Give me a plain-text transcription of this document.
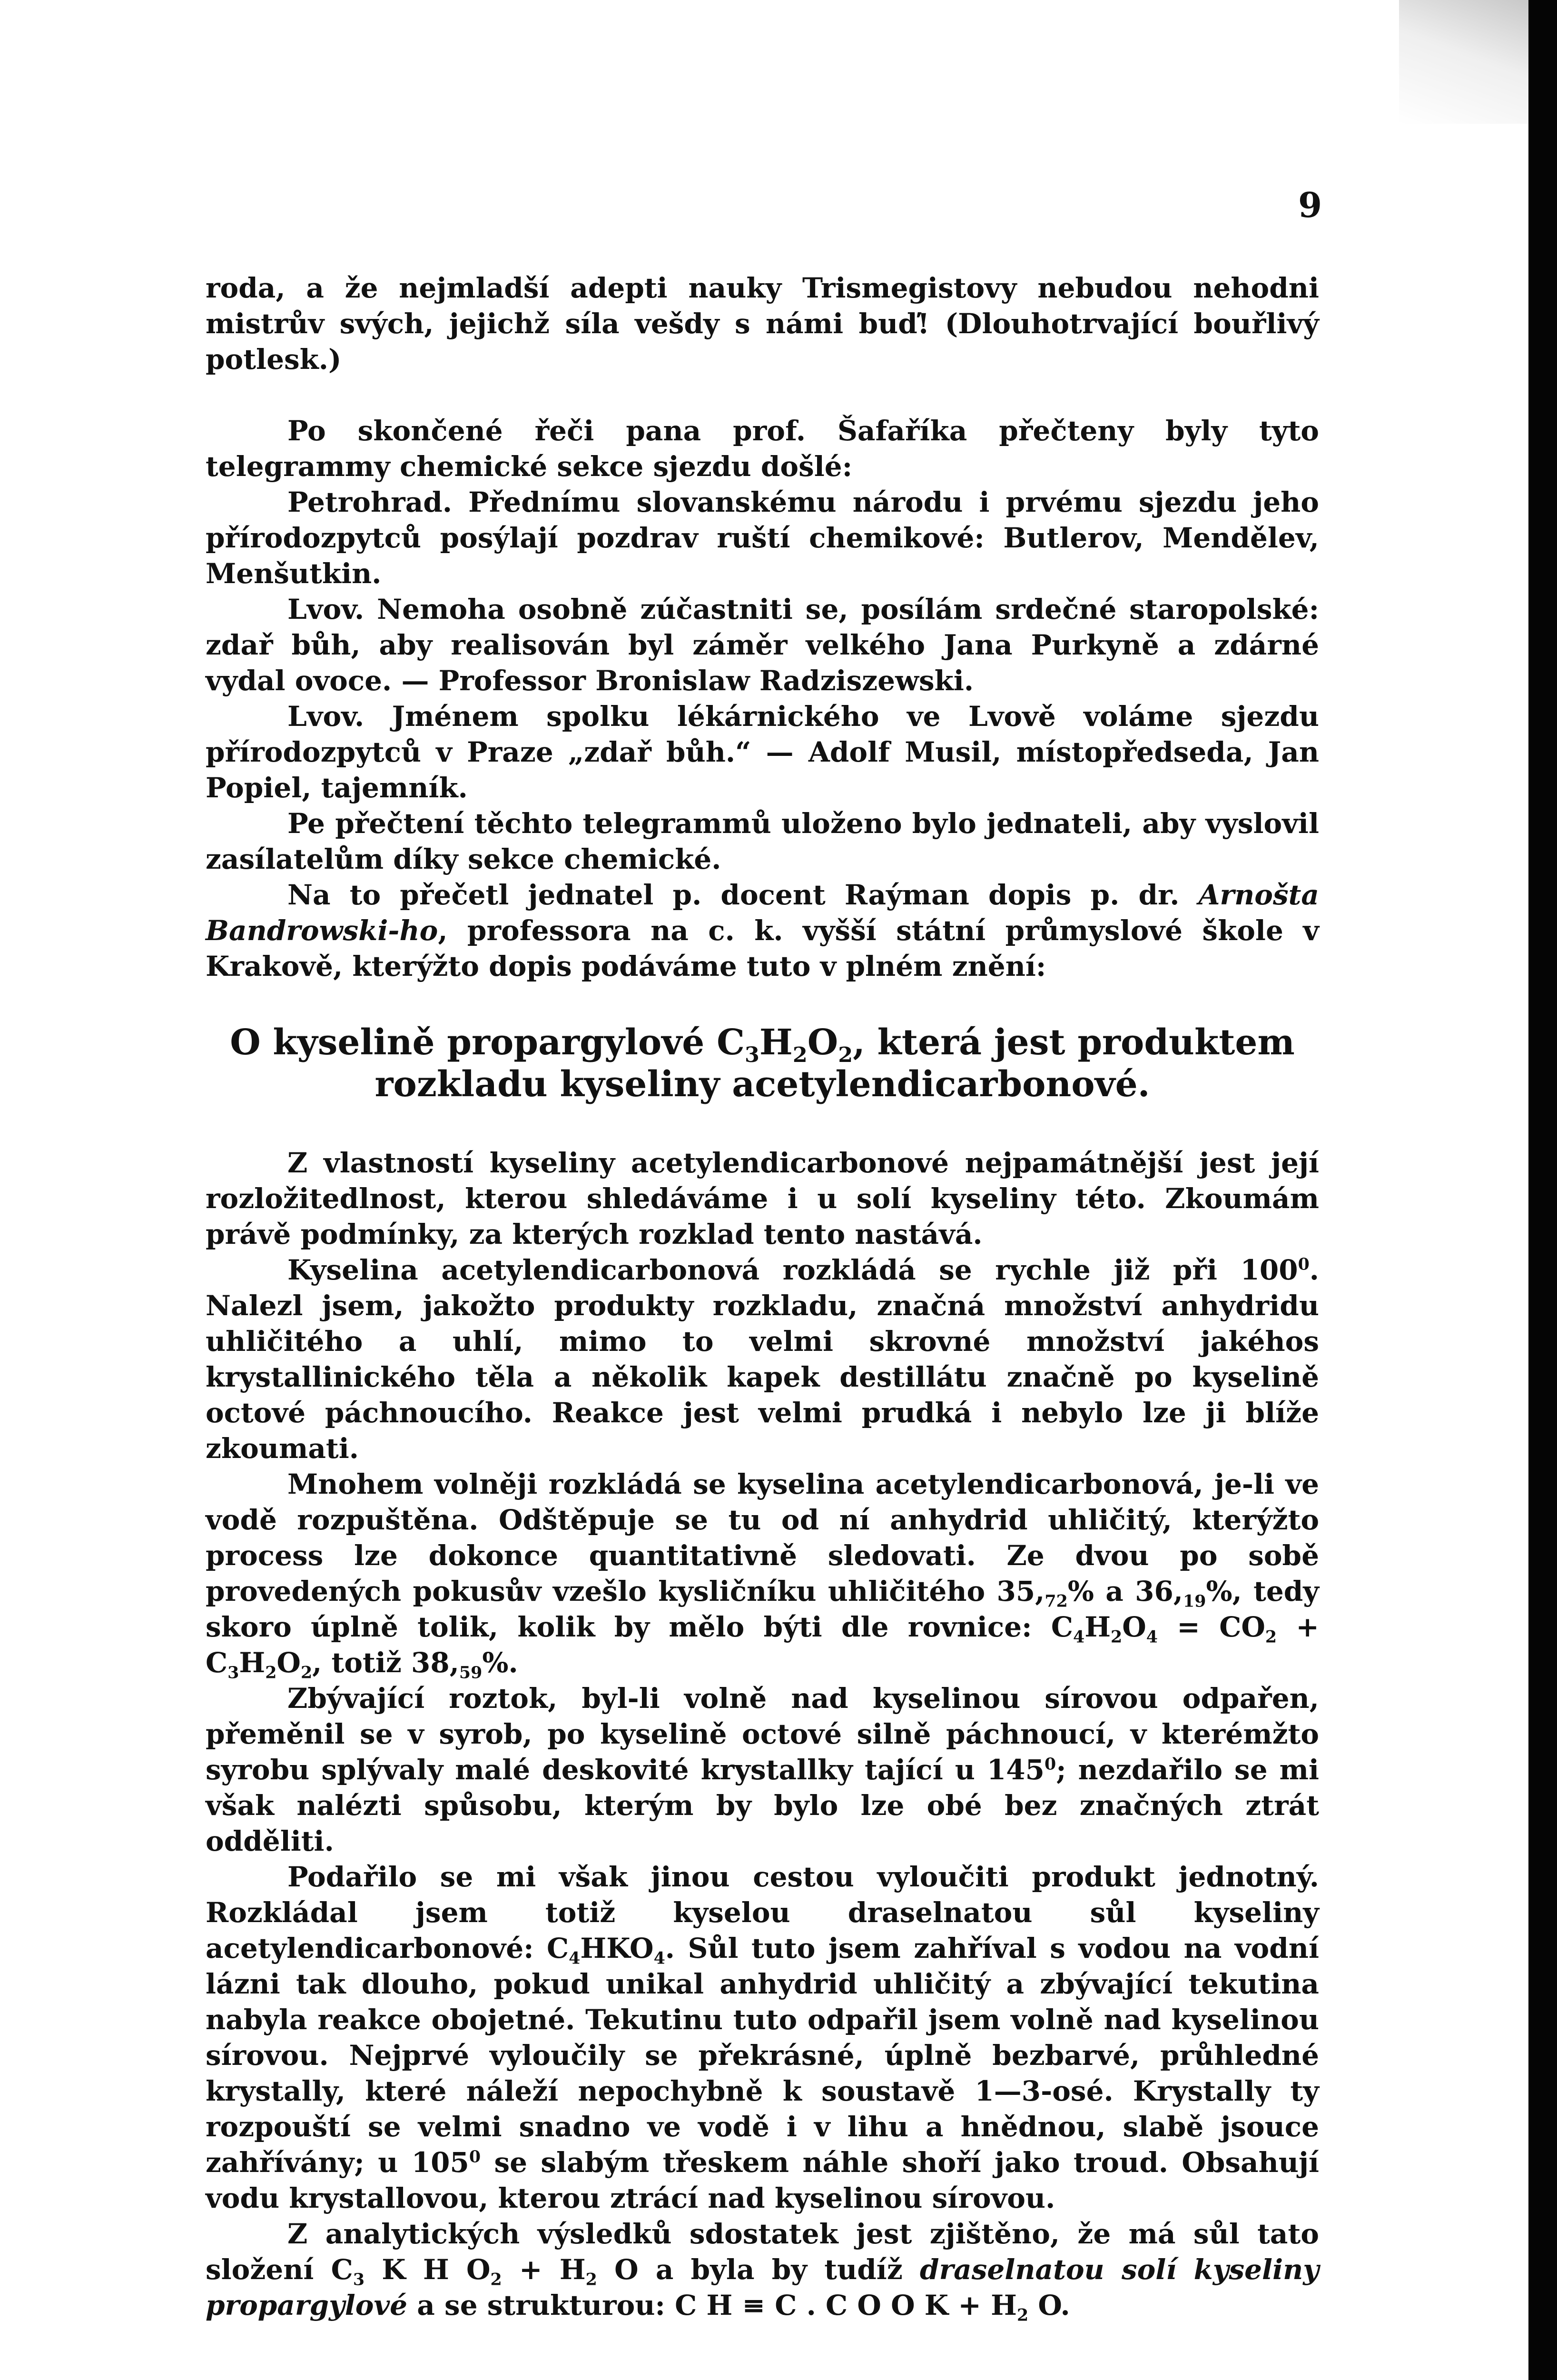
9

roda, a že nejmladší adepti nauky Trismegistovy nebudou nehodni mistrův svých, jejichž síla vešdy s námi buď! (Dlouhotrvající bouřlivý potlesk.)

Po skončené řeči pana prof. Šafaříka přečteny byly tyto telegrammy chemické sekce sjezdu došlé:

Petrohrad. Přednímu slovanskému národu i prvému sjezdu jeho přírodozpytců posýlají pozdrav ruští chemikové: Butlerov, Mendělev, Menšutkin.

Lvov. Nemoha osobně zúčastniti se, posílám srdečné staropolské: zdař bůh, aby realisován byl záměr velkého Jana Purkyně a zdárné vydal ovoce. — Professor Bronislaw Radziszewski.

Lvov. Jménem spolku lékárnického ve Lvově voláme sjezdu přírodozpytců v Praze „zdař bůh.“ — Adolf Musil, místopředseda, Jan Popiel, tajemník.

Pe přečtení těchto telegrammů uloženo bylo jednateli, aby vyslovil zasílatelům díky sekce chemické.

Na to přečetl jednatel p. docent Raýman dopis p. dr. Arnošta Bandrowski-ho, professora na c. k. vyšší státní průmyslové škole v Krakově, kterýžto dopis podáváme tuto v plném znění:

O kyselině propargylové $C_3H_2O_2$, která jest produktem
rozkladu kyseliny acetylendicarbonové.

Z vlastností kyseliny acetylendicarbonové nejpamátnější jest její rozložitedlnost, kterou shledáváme i u solí kyseliny této. Zkoumám právě podmínky, za kterých rozklad tento nastává.

Kyselina acetylendicarbonová rozkládá se rychle již při $100^0$. Nalezl jsem, jakožto produkty rozkladu, značná množství anhydridu uhličitého a uhlí, mimo to velmi skrovné množství jakéhos krystallinického těla a několik kapek destillátu značně po kyselině octové páchnoucího. Reakce jest velmi prudká i nebylo lze ji blíže zkoumati.

Mnohem volněji rozkládá se kyselina acetylendicarbonová, je-li ve vodě rozpuštěna. Odštěpuje se tu od ní anhydrid uhličitý, kterýžto process lze dokonce quantitativně sledovati. Ze dvou po sobě provedených pokusův vzešlo kysličníku uhličitého $35,_{72}\%$ a $36,_{19}\%$, tedy skoro úplně tolik, kolik by mělo býti dle rovnice: $C_4H_2O_4 = CO_2 + C_3H_2O_2$, totiž $38,_{59}\%$.

Zbývající roztok, byl-li volně nad kyselinou sírovou odpařen, přeměnil se v syrob, po kyselině octové silně páchnoucí, v kterémžto syrobu splývaly malé deskovité krystallky tající u $145^0$; nezdařilo se mi však nalézti spůsobu, kterým by bylo lze obé bez značných ztrát odděliti.

Podařilo se mi však jinou cestou vyloučiti produkt jednotný. Rozkládal jsem totiž kyselou draselnatou sůl kyseliny acetylendicarbonové: $C_4HKO_4$. Sůl tuto jsem zahříval s vodou na vodní lázni tak dlouho, pokud unikal anhydrid uhličitý a zbývající tekutina nabyla reakce obojetné. Tekutinu tuto odpařil jsem volně nad kyselinou sírovou. Nejprvé vyloučily se překrásné, úplně bezbarvé, průhledné krystally, které náleží nepochybně k soustavě 1—3-osé. Krystally ty rozpouští se velmi snadno ve vodě i v lihu a hnědnou, slabě jsouce zahřívány; u $105^0$ se slabým třeskem náhle shoří jako troud. Obsahují vodu krystallovou, kterou ztrácí nad kyselinou sírovou.

Z analytických výsledků sdostatek jest zjištěno, že má sůl tato složení $C_3$ K H $O_2 + H_2$ O a byla by tudíž draselnatou solí kyseliny propargylové a se strukturou: C H ≡ C . C O O $K + H_2$ O.
